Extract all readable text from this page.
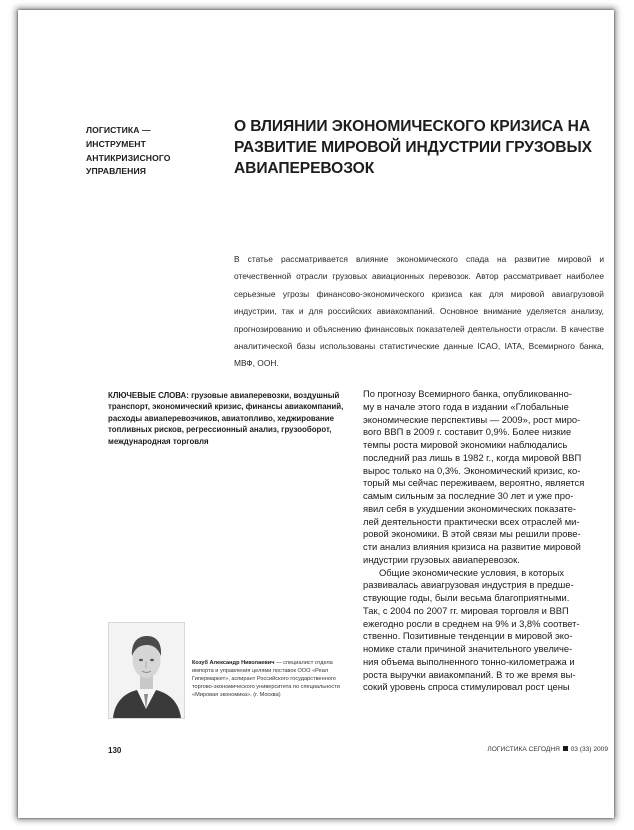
ЛОГИСТИКА — ИНСТРУМЕНТ АНТИКРИЗИСНОГО УПРАВЛЕНИЯ
О ВЛИЯНИИ ЭКОНОМИЧЕСКОГО КРИЗИСА НА РАЗВИТИЕ МИРОВОЙ ИНДУСТРИИ ГРУЗОВЫХ АВИАПЕРЕВОЗОК
В статье рассматривается влияние экономического спада на развитие мировой и отечественной отрасли грузовых авиационных перевозок. Автор рассматривает наиболее серьезные угрозы финансово-экономического кризиса как для мировой авиагрузовой индустрии, так и для российских авиакомпаний. Основное внимание уделяется анализу, прогнозированию и объяснению финансовых показателей деятельности отрасли. В качестве аналитической базы использованы статистические данные ICAO, IATA, Всемирного банка, МВФ, ООН.
КЛЮЧЕВЫЕ СЛОВА: грузовые авиаперевозки, воздушный транспорт, экономический кризис, финансы авиакомпаний, расходы авиаперевозчиков, авиатопливо, хеджирование топливных рисков, регрессионный анализ, грузооборот, международная торговля

По прогнозу Всемирного банка, опубликованно-

му в начале этого года в издании «Глобальные

экономические перспективы — 2009», рост миро-

вого ВВП в 2009 г. составит 0,9%. Более низкие

темпы роста мировой экономики наблюдались

последний раз лишь в 1982 г., когда мировой ВВП

вырос только на 0,3%. Экономический кризис, ко-

торый мы сейчас переживаем, вероятно, является

самым сильным за последние 30 лет и уже про-

явил себя в ухудшении экономических показате-

лей деятельности практически всех отраслей ми-

ровой экономики. В этой связи мы решили прове-

сти анализ влияния кризиса на развитие мировой

индустрии грузовых авиаперевозок.

Общие экономические условия, в которых

развивалась авиагрузовая индустрия в предше-

ствующие годы, были весьма благоприятными.

Так, с 2004 по 2007 гг. мировая торговля и ВВП

ежегодно росли в среднем на 9% и 3,8% соответ-

ственно. Позитивные тенденции в мировой эко-

номике стали причиной значительного увеличе-

ния объема выполненного тонно-километража и

роста выручки авиакомпаний. В то же время вы-

сокий уровень спроса стимулировал рост цены

Козуб Александр Николаевич — специалист отдела импорта и управления целями поставок ООО «Реал Гипермаркет», аспирант Российского государственного торгово-экономического университета по специальности «Мировая экономика». (г. Москва)
130	ЛОГИСТИКА СЕГОДНЯ 03 (33) 2009
